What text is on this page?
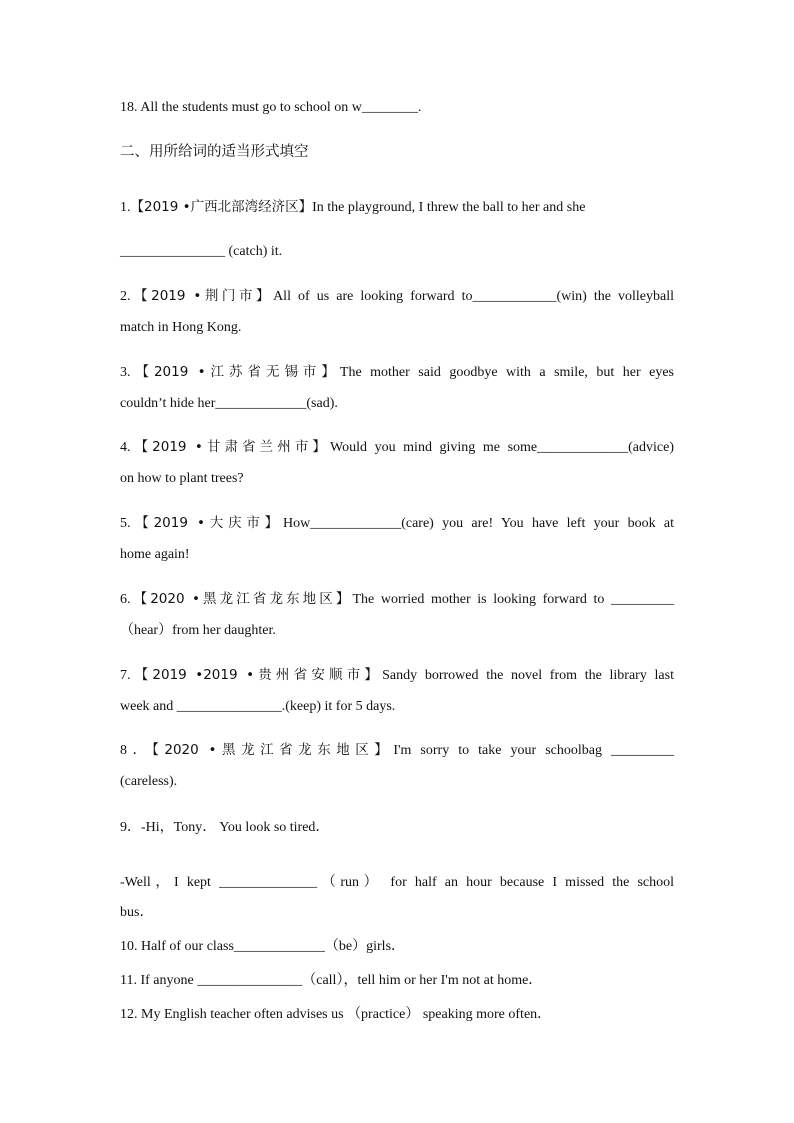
18. All the students must go to school on w________.
二、用所给词的适当形式填空
1.【2019 •广西北部湾经济区】In the playground, I threw the ball to her and she
_______________ (catch) it.
2.【2019 •荆门市】All of us are looking forward to____________(win) the volleyball
match in Hong Kong.
3.【2019 •江苏省无锡市】The mother said goodbye with a smile, but her eyes
couldn’t hide her_____________(sad).
4.【2019 •甘肃省兰州市】Would you mind giving me some_____________(advice)
on how to plant trees?
5.【2019 •大庆市】How_____________(care) you are! You have left your book at
home again!
6.【2020 •黑龙江省龙东地区】The worried mother is looking forward to _________
（hear）from her daughter.
7.【2019 •2019 •贵州省安顺市】Sandy borrowed the novel from the library last
week and _______________.(keep) it for 5 days.
8．【2020 •黑龙江省龙东地区】I'm sorry to take your schoolbag _________
(careless).
9．-Hi，Tony． You look so tired．
-Well，I kept ______________（run） for half an hour because I missed the school
bus．
10. Half of our class_____________（be）girls．
11. If anyone _______________（call），tell him or her I'm not at home．
12. My English teacher often advises us （practice） speaking more often．
